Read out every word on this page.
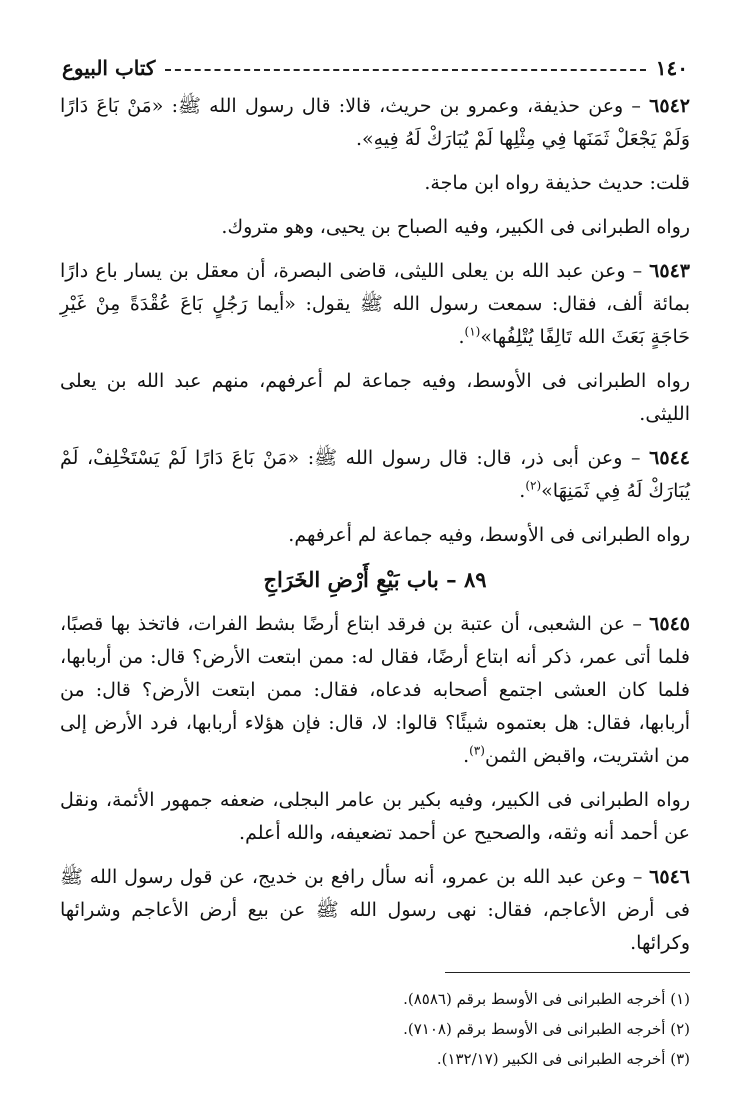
١٤٠
كتاب البيوع

٦٥٤٢ – وعن حذيفة، وعمرو بن حريث، قالا: قال رسول الله ﷺ: «مَنْ بَاعَ دَارًا وَلَمْ يَجْعَلْ ثَمَنَها فِي مِثْلِها لَمْ يُبَارَكْ لَهُ فِيهِ».

قلت: حديث حذيفة رواه ابن ماجة.

رواه الطبرانى فى الكبير، وفيه الصباح بن يحيى، وهو متروك.

٦٥٤٣ – وعن عبد الله بن يعلى الليثى، قاضى البصرة، أن معقل بن يسار باع دارًا بمائة ألف، فقال: سمعت رسول الله ﷺ يقول: «أيما رَجُلٍ بَاعَ عُقْدَةً مِنْ غَيْرِ حَاجَةٍ بَعَثَ الله تَالِفًا يُتْلِفُها»$^{(١)}$.

رواه الطبرانى فى الأوسط، وفيه جماعة لم أعرفهم، منهم عبد الله بن يعلى الليثى.

٦٥٤٤ – وعن أبى ذر، قال: قال رسول الله ﷺ: «مَنْ بَاعَ دَارًا لَمْ يَسْتَخْلِفْ، لَمْ يُبَارَكْ لَهُ فِي ثَمَنِهَا»$^{(٢)}$.

رواه الطبرانى فى الأوسط، وفيه جماعة لم أعرفهم.

٨٩ – باب بَيْعِ أَرْضِ الخَرَاجِ

٦٥٤٥ – عن الشعبى، أن عتبة بن فرقد ابتاع أرضًا بشط الفرات، فاتخذ بها قصبًا، فلما أتى عمر، ذكر أنه ابتاع أرضًا، فقال له: ممن ابتعت الأرض؟ قال: من أربابها، فلما كان العشى اجتمع أصحابه فدعاه، فقال: ممن ابتعت الأرض؟ قال: من أربابها، فقال: هل بعتموه شيئًا؟ قالوا: لا، قال: فإن هؤلاء أربابها، فرد الأرض إلى من اشتريت، واقبض الثمن$^{(٣)}$.

رواه الطبرانى فى الكبير، وفيه بكير بن عامر البجلى، ضعفه جمهور الأئمة، ونقل عن أحمد أنه وثقه، والصحيح عن أحمد تضعيفه، والله أعلم.

٦٥٤٦ – وعن عبد الله بن عمرو، أنه سأل رافع بن خديج، عن قول رسول الله ﷺ فى أرض الأعاجم، فقال: نهى رسول الله ﷺ عن بيع أرض الأعاجم وشرائها وكرائها.

(١) أخرجه الطبرانى فى الأوسط برقم (٨٥٨٦).
(٢) أخرجه الطبرانى فى الأوسط برقم (٧١٠٨).
(٣) أخرجه الطبرانى فى الكبير (١٣٢/١٧).
